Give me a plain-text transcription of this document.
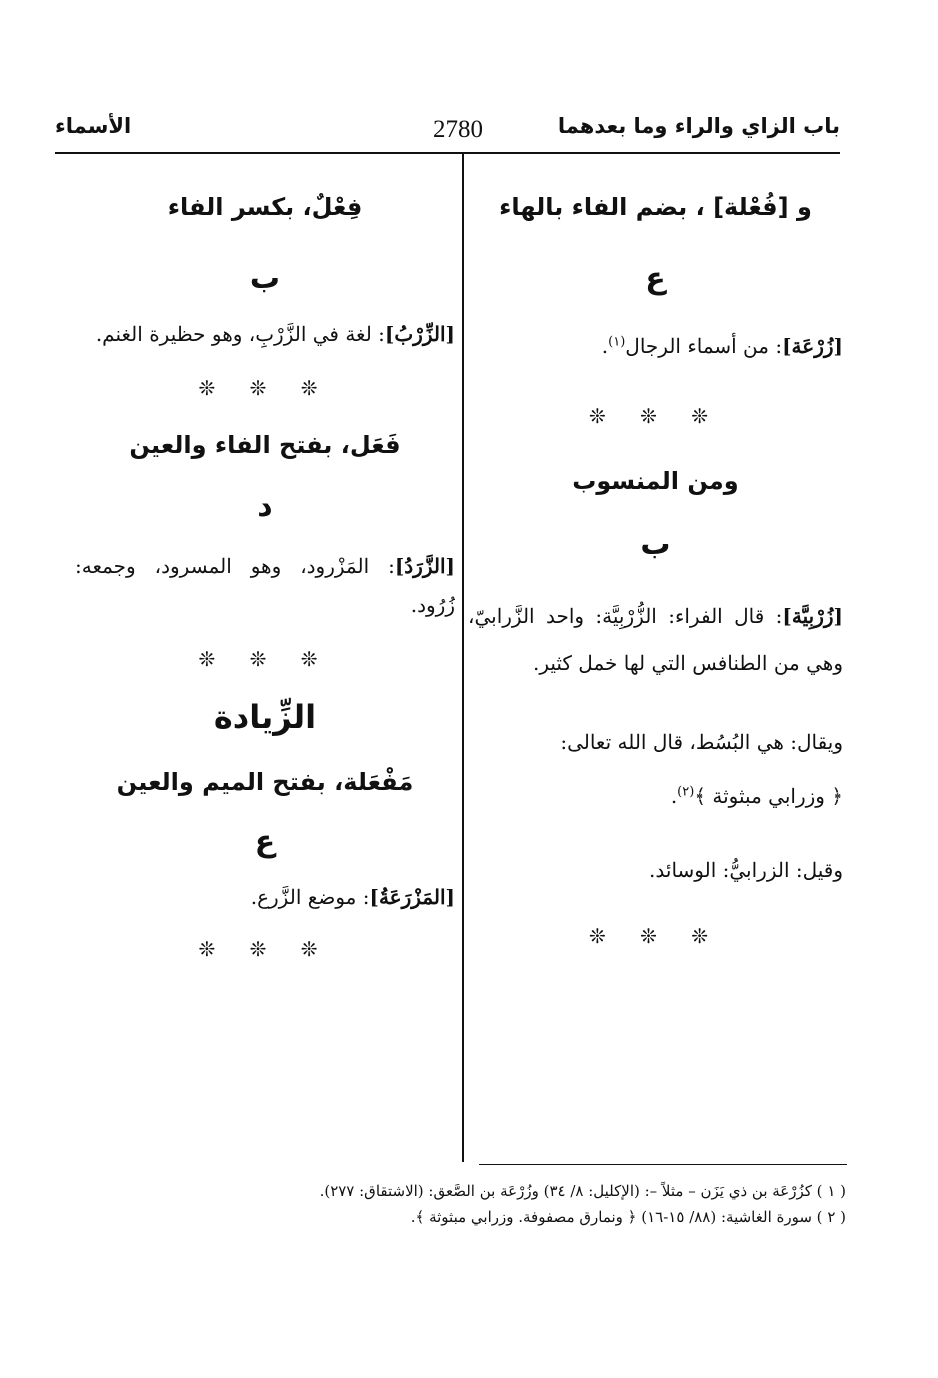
باب الزاي والراء وما بعدهما
2780
الأسماء
و [فُعْلة] ، بضم الفاء بالهاء
ع
[زُرْعَة]: من أسماء الرجال$^{(١)}$.
❊ ❊ ❊
ومن المنسوب
ب
[زُرْبِيَّة]: قال الفراء: الزُّرْبِيَّة: واحد الزَّرابيّ، وهي من الطنافس التي لها خمل كثير.
ويقال: هي البُسُط، قال الله تعالى:
﴿ وزرابي مبثوثة ﴾$^{(٢)}$.
وقيل: الزرابيُّ: الوسائد.
❊ ❊ ❊
فِعْلٌ، بكسر الفاء
ب
[الزِّرْبُ]: لغة في الزَّرْبِ، وهو حظيرة الغنم.
❊ ❊ ❊
فَعَل، بفتح الفاء والعين
د
[الزَّرَدُ]: المَزْرود، وهو المسرود، وجمعه: زُرُود.
❊ ❊ ❊
الزِّيادة
مَفْعَلة، بفتح الميم والعين
ع
[المَزْرَعَةُ]: موضع الزَّرع.
❊ ❊ ❊
( ١ ) كزُرْعَة بن ذي يَزَن – مثلاً –: (الإكليل: ٨/ ٣٤) وزُرْعَة بن الصَّعق: (الاشتقاق: ٢٧٧).
( ٢ ) سورة الغاشية: (٨٨/ ١٥-١٦) ﴿ ونمارق مصفوفة. وزرابي مبثوثة ﴾.
